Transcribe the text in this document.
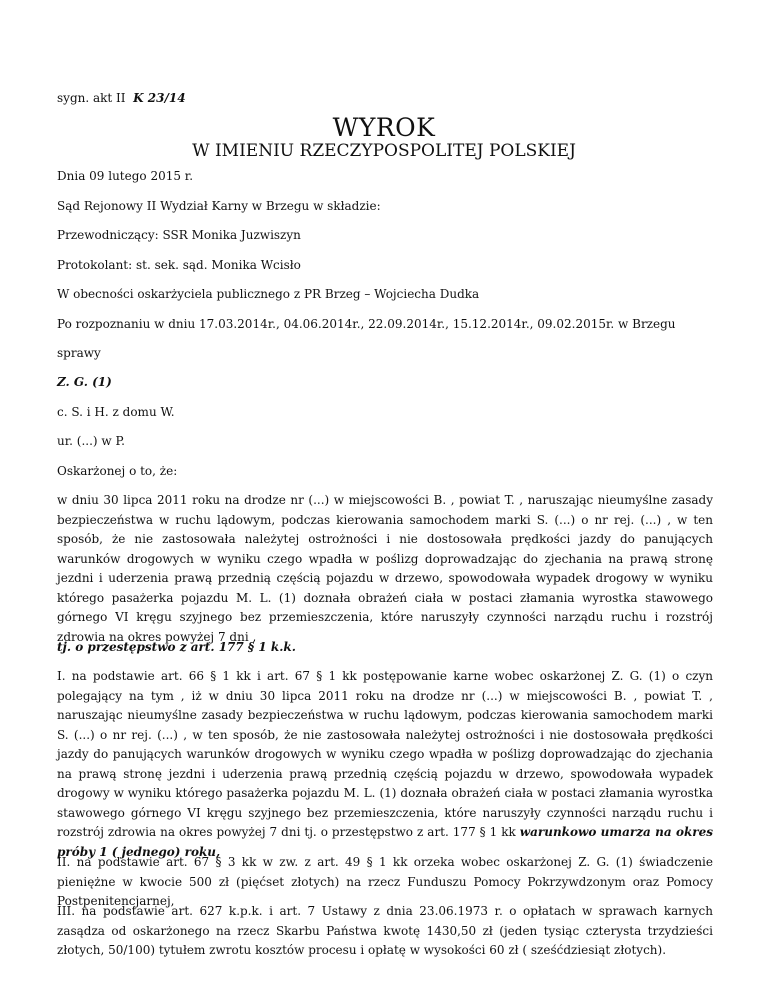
sygn. akt II K 23/14

WYROK
W IMIENIU RZECZYPOSPOLITEJ POLSKIEJ

Dnia 09 lutego 2015 r.

Sąd Rejonowy II Wydział Karny w Brzegu w składzie:

Przewodniczący: SSR Monika Juzwiszyn

Protokolant: st. sek. sąd. Monika Wcisło

W obecności oskarżyciela publicznego z PR Brzeg – Wojciecha Dudka

Po rozpoznaniu w dniu 17.03.2014r., 04.06.2014r., 22.09.2014r., 15.12.2014r., 09.02.2015r. w Brzegu

sprawy

Z. G. (1)

c. S. i H. z domu W.

ur. (...) w P.

Oskarżonej o to, że:

w dniu 30 lipca 2011 roku na drodze nr (...) w miejscowości B. , powiat T. , naruszając nieumyślne zasady bezpieczeństwa w ruchu lądowym, podczas kierowania samochodem marki S. (...) o nr rej. (...) , w ten sposób, że nie zastosowała należytej ostrożności i nie dostosowała prędkości jazdy do panujących warunków drogowych w wyniku czego wpadła w poślizg doprowadzając do zjechania na prawą stronę jezdni i uderzenia prawą przednią częścią pojazdu w drzewo, spowodowała wypadek drogowy w wyniku którego pasażerka pojazdu M. L. (1) doznała obrażeń ciała w postaci złamania wyrostka stawowego górnego VI kręgu szyjnego bez przemieszczenia, które naruszyły czynności narządu ruchu i rozstrój zdrowia na okres powyżej 7 dni ,

tj. o przestępstwo z art. 177 § 1 k.k.

I. na podstawie art. 66 § 1 kk i art. 67 § 1 kk postępowanie karne wobec oskarżonej Z. G. (1) o czyn polegający na tym , iż w dniu 30 lipca 2011 roku na drodze nr (...) w miejscowości B. , powiat T. , naruszając nieumyślne zasady bezpieczeństwa w ruchu lądowym, podczas kierowania samochodem marki S. (...) o nr rej. (...) , w ten sposób, że nie zastosowała należytej ostrożności i nie dostosowała prędkości jazdy do panujących warunków drogowych w wyniku czego wpadła w poślizg doprowadzając do zjechania na prawą stronę jezdni i uderzenia prawą przednią częścią pojazdu w drzewo, spowodowała wypadek drogowy w wyniku którego pasażerka pojazdu M. L. (1) doznała obrażeń ciała w postaci złamania wyrostka stawowego górnego VI kręgu szyjnego bez przemieszczenia, które naruszyły czynności narządu ruchu i rozstrój zdrowia na okres powyżej 7 dni tj. o przestępstwo z art. 177 § 1 kk warunkowo umarza na okres próby 1 ( jednego) roku,

II. na podstawie art. 67 § 3 kk w zw. z art. 49 § 1 kk orzeka wobec oskarżonej Z. G. (1) świadczenie pieniężne w kwocie 500 zł (pięćset złotych) na rzecz Funduszu Pomocy Pokrzywdzonym oraz Pomocy Postpenitencjarnej,

III. na podstawie art. 627 k.p.k. i art. 7 Ustawy z dnia 23.06.1973 r. o opłatach w sprawach karnych zasądza od oskarżonego na rzecz Skarbu Państwa kwotę 1430,50 zł (jeden tysiąc czterysta trzydzieści złotych, 50/100) tytułem zwrotu kosztów procesu i opłatę w wysokości 60 zł ( sześćdziesiąt złotych).
